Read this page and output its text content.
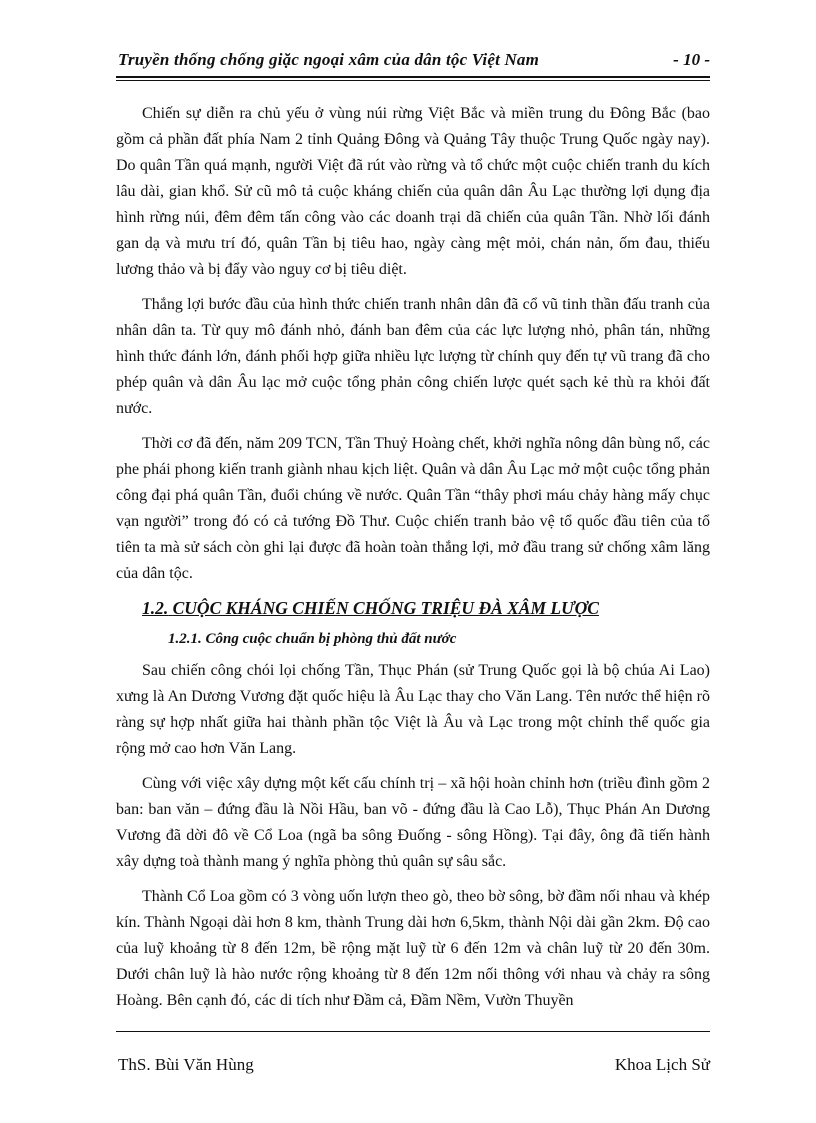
Truyền thống chống giặc ngoại xâm của dân tộc Việt Nam	- 10 -

Chiến sự diễn ra chủ yếu ở vùng núi rừng Việt Bắc và miền trung du Đông Bắc (bao gồm cả phần đất phía Nam 2 tỉnh Quảng Đông và Quảng Tây thuộc Trung Quốc ngày nay). Do quân Tần quá mạnh, người Việt đã rút vào rừng và tổ chức một cuộc chiến tranh du kích lâu dài, gian khổ. Sử cũ mô tả cuộc kháng chiến của quân dân Âu Lạc thường lợi dụng địa hình rừng núi, đêm đêm tấn công vào các doanh trại dã chiến của quân Tần. Nhờ lối đánh gan dạ và mưu trí đó, quân Tần bị tiêu hao, ngày càng mệt mỏi, chán nản, ốm đau, thiếu lương thảo và bị đẩy vào nguy cơ bị tiêu diệt.

Thắng lợi bước đầu của hình thức chiến tranh nhân dân đã cổ vũ tinh thần đấu tranh của nhân dân ta. Từ quy mô đánh nhỏ, đánh ban đêm của các lực lượng nhỏ, phân tán, những hình thức đánh lớn, đánh phối hợp giữa nhiều lực lượng từ chính quy đến tự vũ trang đã cho phép quân và dân Âu lạc mở cuộc tổng phản công chiến lược quét sạch kẻ thù ra khỏi đất nước.

Thời cơ đã đến, năm 209 TCN, Tần Thuỷ Hoàng chết, khởi nghĩa nông dân bùng nổ, các phe phái phong kiến tranh giành nhau kịch liệt. Quân và dân Âu Lạc mở một cuộc tổng phản công đại phá quân Tần, đuổi chúng về nước. Quân Tần “thây phơi máu chảy hàng mấy chục vạn người” trong đó có cả tướng Đồ Thư. Cuộc chiến tranh bảo vệ tổ quốc đầu tiên của tổ tiên ta mà sử sách còn ghi lại được đã hoàn toàn thắng lợi, mở đầu trang sử chống xâm lăng của dân tộc.

1.2. CUỘC KHÁNG CHIẾN CHỐNG TRIỆU ĐÀ XÂM LƯỢC
1.2.1. Công cuộc chuẩn bị phòng thủ đất nước

Sau chiến công chói lọi chống Tần, Thục Phán (sử Trung Quốc gọi là bộ chúa Ai Lao) xưng là An Dương Vương đặt quốc hiệu là Âu Lạc thay cho Văn Lang. Tên nước thể hiện rõ ràng sự hợp nhất giữa hai thành phần tộc Việt là Âu và Lạc trong một chỉnh thể quốc gia rộng mở cao hơn Văn Lang.

Cùng với việc xây dựng một kết cấu chính trị – xã hội hoàn chỉnh hơn (triều đình gồm 2 ban: ban văn – đứng đầu là Nồi Hầu, ban võ - đứng đầu là Cao Lỗ), Thục Phán An Dương Vương đã dời đô về Cổ Loa (ngã ba sông Đuống - sông Hồng). Tại đây, ông đã tiến hành xây dựng toà thành mang ý nghĩa phòng thủ quân sự sâu sắc.

Thành Cổ Loa gồm có 3 vòng uốn lượn theo gò, theo bờ sông, bờ đầm nối nhau và khép kín. Thành Ngoại dài hơn 8 km, thành Trung dài hơn 6,5km, thành Nội dài gần 2km. Độ cao của luỹ khoảng từ 8 đến 12m, bề rộng mặt luỹ từ 6 đến 12m và chân luỹ từ 20 đến 30m. Dưới chân luỹ là hào nước rộng khoảng từ 8 đến 12m nối thông với nhau và chảy ra sông Hoàng. Bên cạnh đó, các di tích như Đầm cả, Đầm Nềm, Vườn Thuyền

ThS. Bùi Văn Hùng	Khoa Lịch Sử
